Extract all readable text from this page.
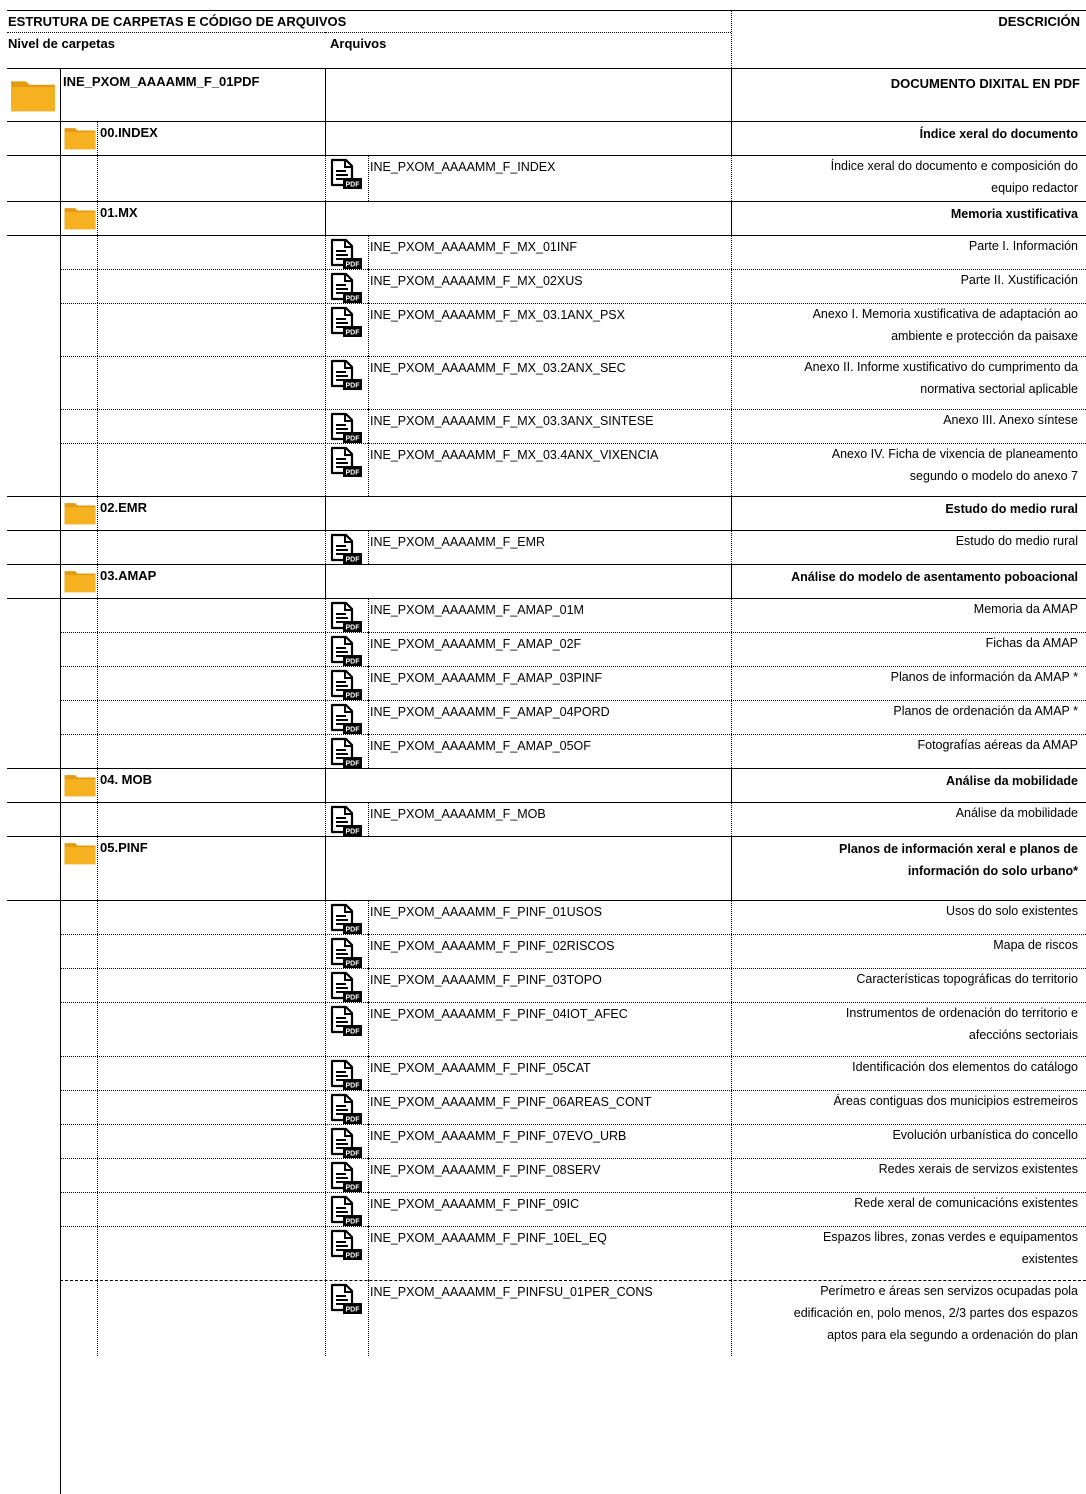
ESTRUTURA DE CARPETAS E CÓDIGO DE ARQUIVOS	DESCRICIÓN
Nivel de carpetas	Arquivos
INE_PXOM_AAAAMM_F_01PDF	DOCUMENTO DIXITAL EN PDF
00.INDEX	Índice xeral do documento
PDF
INE_PXOM_AAAAMM_F_INDEX	Índice xeral do documento e composición do
equipo redactor
01.MX	Memoria xustificativa
PDF
INE_PXOM_AAAAMM_F_MX_01INF	Parte I. Información
PDF
INE_PXOM_AAAAMM_F_MX_02XUS	Parte II. Xustificación
PDF
INE_PXOM_AAAAMM_F_MX_03.1ANX_PSX	Anexo I. Memoria xustificativa de adaptación ao
ambiente e protección da paisaxe
PDF
INE_PXOM_AAAAMM_F_MX_03.2ANX_SEC	Anexo II. Informe xustificativo do cumprimento da
normativa sectorial aplicable
PDF
INE_PXOM_AAAAMM_F_MX_03.3ANX_SINTESE	Anexo III. Anexo síntese
PDF
INE_PXOM_AAAAMM_F_MX_03.4ANX_VIXENCIA	Anexo IV. Ficha de vixencia de planeamento
segundo o modelo do anexo 7
02.EMR	Estudo do medio rural
PDF
INE_PXOM_AAAAMM_F_EMR	Estudo do medio rural
03.AMAP	Análise do modelo de asentamento poboacional
PDF
INE_PXOM_AAAAMM_F_AMAP_01M	Memoria da AMAP
PDF
INE_PXOM_AAAAMM_F_AMAP_02F	Fichas da AMAP
PDF
INE_PXOM_AAAAMM_F_AMAP_03PINF	Planos de información da AMAP *
PDF
INE_PXOM_AAAAMM_F_AMAP_04PORD	Planos de ordenación da AMAP *
PDF
INE_PXOM_AAAAMM_F_AMAP_05OF	Fotografías aéreas da AMAP
04. MOB	Análise da mobilidade
PDF
INE_PXOM_AAAAMM_F_MOB	Análise da mobilidade
05.PINF	Planos de información xeral e planos de
información do solo urbano*
PDF
INE_PXOM_AAAAMM_F_PINF_01USOS	Usos do solo existentes
PDF
INE_PXOM_AAAAMM_F_PINF_02RISCOS	Mapa de riscos
PDF
INE_PXOM_AAAAMM_F_PINF_03TOPO	Características topográficas do territorio
PDF
INE_PXOM_AAAAMM_F_PINF_04IOT_AFEC	Instrumentos de ordenación do territorio e
afeccións sectoriais
PDF
INE_PXOM_AAAAMM_F_PINF_05CAT	Identificación dos elementos do catálogo
PDF
INE_PXOM_AAAAMM_F_PINF_06AREAS_CONT	Áreas contiguas dos municipios estremeiros
PDF
INE_PXOM_AAAAMM_F_PINF_07EVO_URB	Evolución urbanística do concello
PDF
INE_PXOM_AAAAMM_F_PINF_08SERV	Redes xerais de servizos existentes
PDF
INE_PXOM_AAAAMM_F_PINF_09IC	Rede xeral de comunicacións existentes
PDF
INE_PXOM_AAAAMM_F_PINF_10EL_EQ	Espazos libres, zonas verdes e equipamentos
existentes
PDF
INE_PXOM_AAAAMM_F_PINFSU_01PER_CONS	Perímetro e áreas sen servizos ocupadas pola
edificación en, polo menos, 2/3 partes dos espazos
aptos para ela segundo a ordenación do plan
